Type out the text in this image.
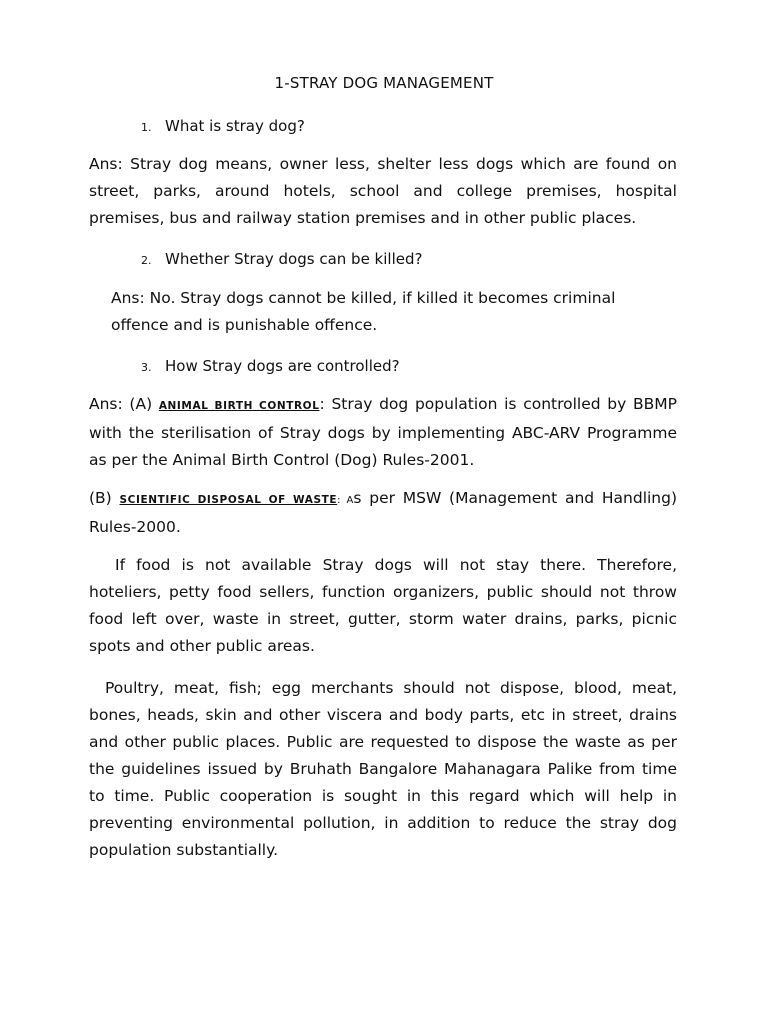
1-STRAY DOG MANAGEMENT
1. What is stray dog?
Ans: Stray dog means, owner less, shelter less dogs which are found on street, parks, around hotels, school and college premises, hospital premises, bus and railway station premises and in other public places.
2. Whether Stray dogs can be killed?
Ans: No. Stray dogs cannot be killed, if killed it becomes criminal offence and is punishable offence.
3. How Stray dogs are controlled?
Ans: (A) ANIMAL BIRTH CONTROL: Stray dog population is controlled by BBMP with the sterilisation of Stray dogs by implementing ABC-ARV Programme as per the Animal Birth Control (Dog) Rules-2001.
(B) SCIENTIFIC DISPOSAL OF WASTE: As per MSW (Management and Handling) Rules-2000.
If food is not available Stray dogs will not stay there. Therefore, hoteliers, petty food sellers, function organizers, public should not throw food left over, waste in street, gutter, storm water drains, parks, picnic spots and other public areas.
Poultry, meat, fish; egg merchants should not dispose, blood, meat, bones, heads, skin and other viscera and body parts, etc in street, drains and other public places. Public are requested to dispose the waste as per the guidelines issued by Bruhath Bangalore Mahanagara Palike from time to time. Public cooperation is sought in this regard which will help in preventing environmental pollution, in addition to reduce the stray dog population substantially.
